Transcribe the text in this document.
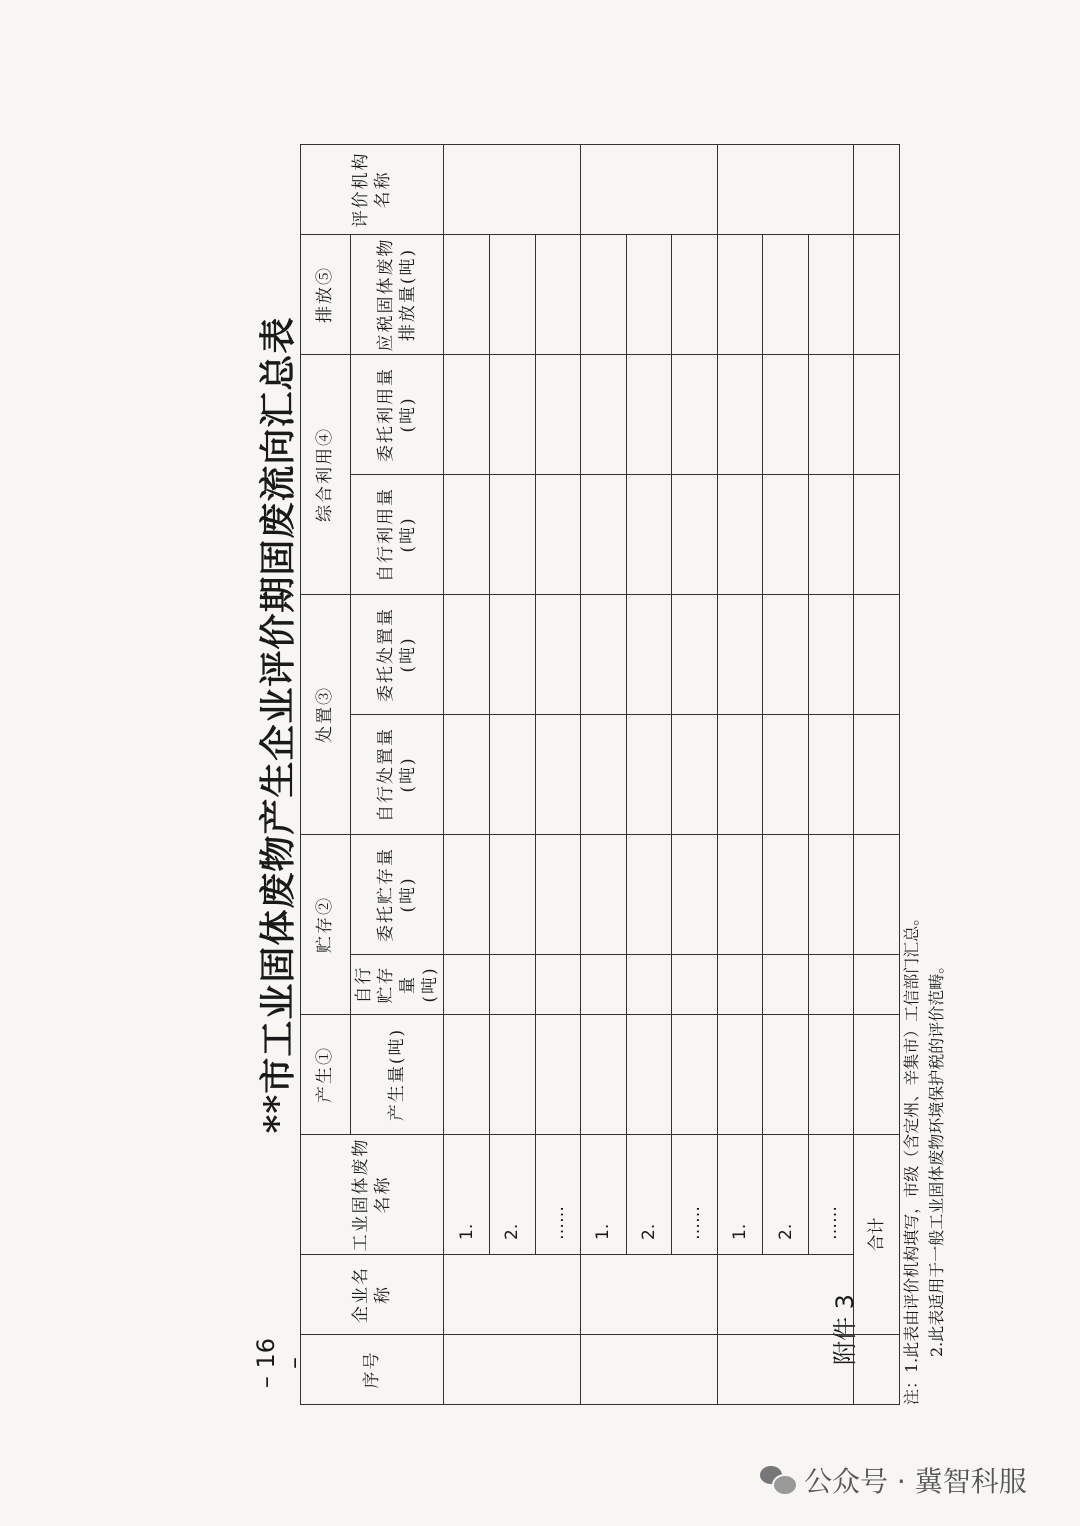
附件 3
**市工业固体废物产生企业评价期固废流向汇总表
序号	企业名称	工业固体废物名称	产生①	贮存②		处置③		综合利用④		排放⑤	评价机构名称
			产生量(吨)	自行贮存量(吨)	委托贮存量(吨)	自行处置量(吨)	委托处置量(吨)	自行利用量(吨)	委托利用量(吨)	应税固体废物排放量(吨)	
		1.									
		2.									
		……									
		1.									
		2.									
		……									
		1.									
		2.									
		……									
	合计										注：1.此表由评价机构填写，市级（含定州、辛集市）工信部门汇总。 2.此表适用于一般工业固体废物环境保护税的评价范畴。
– 16 –
公众号 · 冀智科服
